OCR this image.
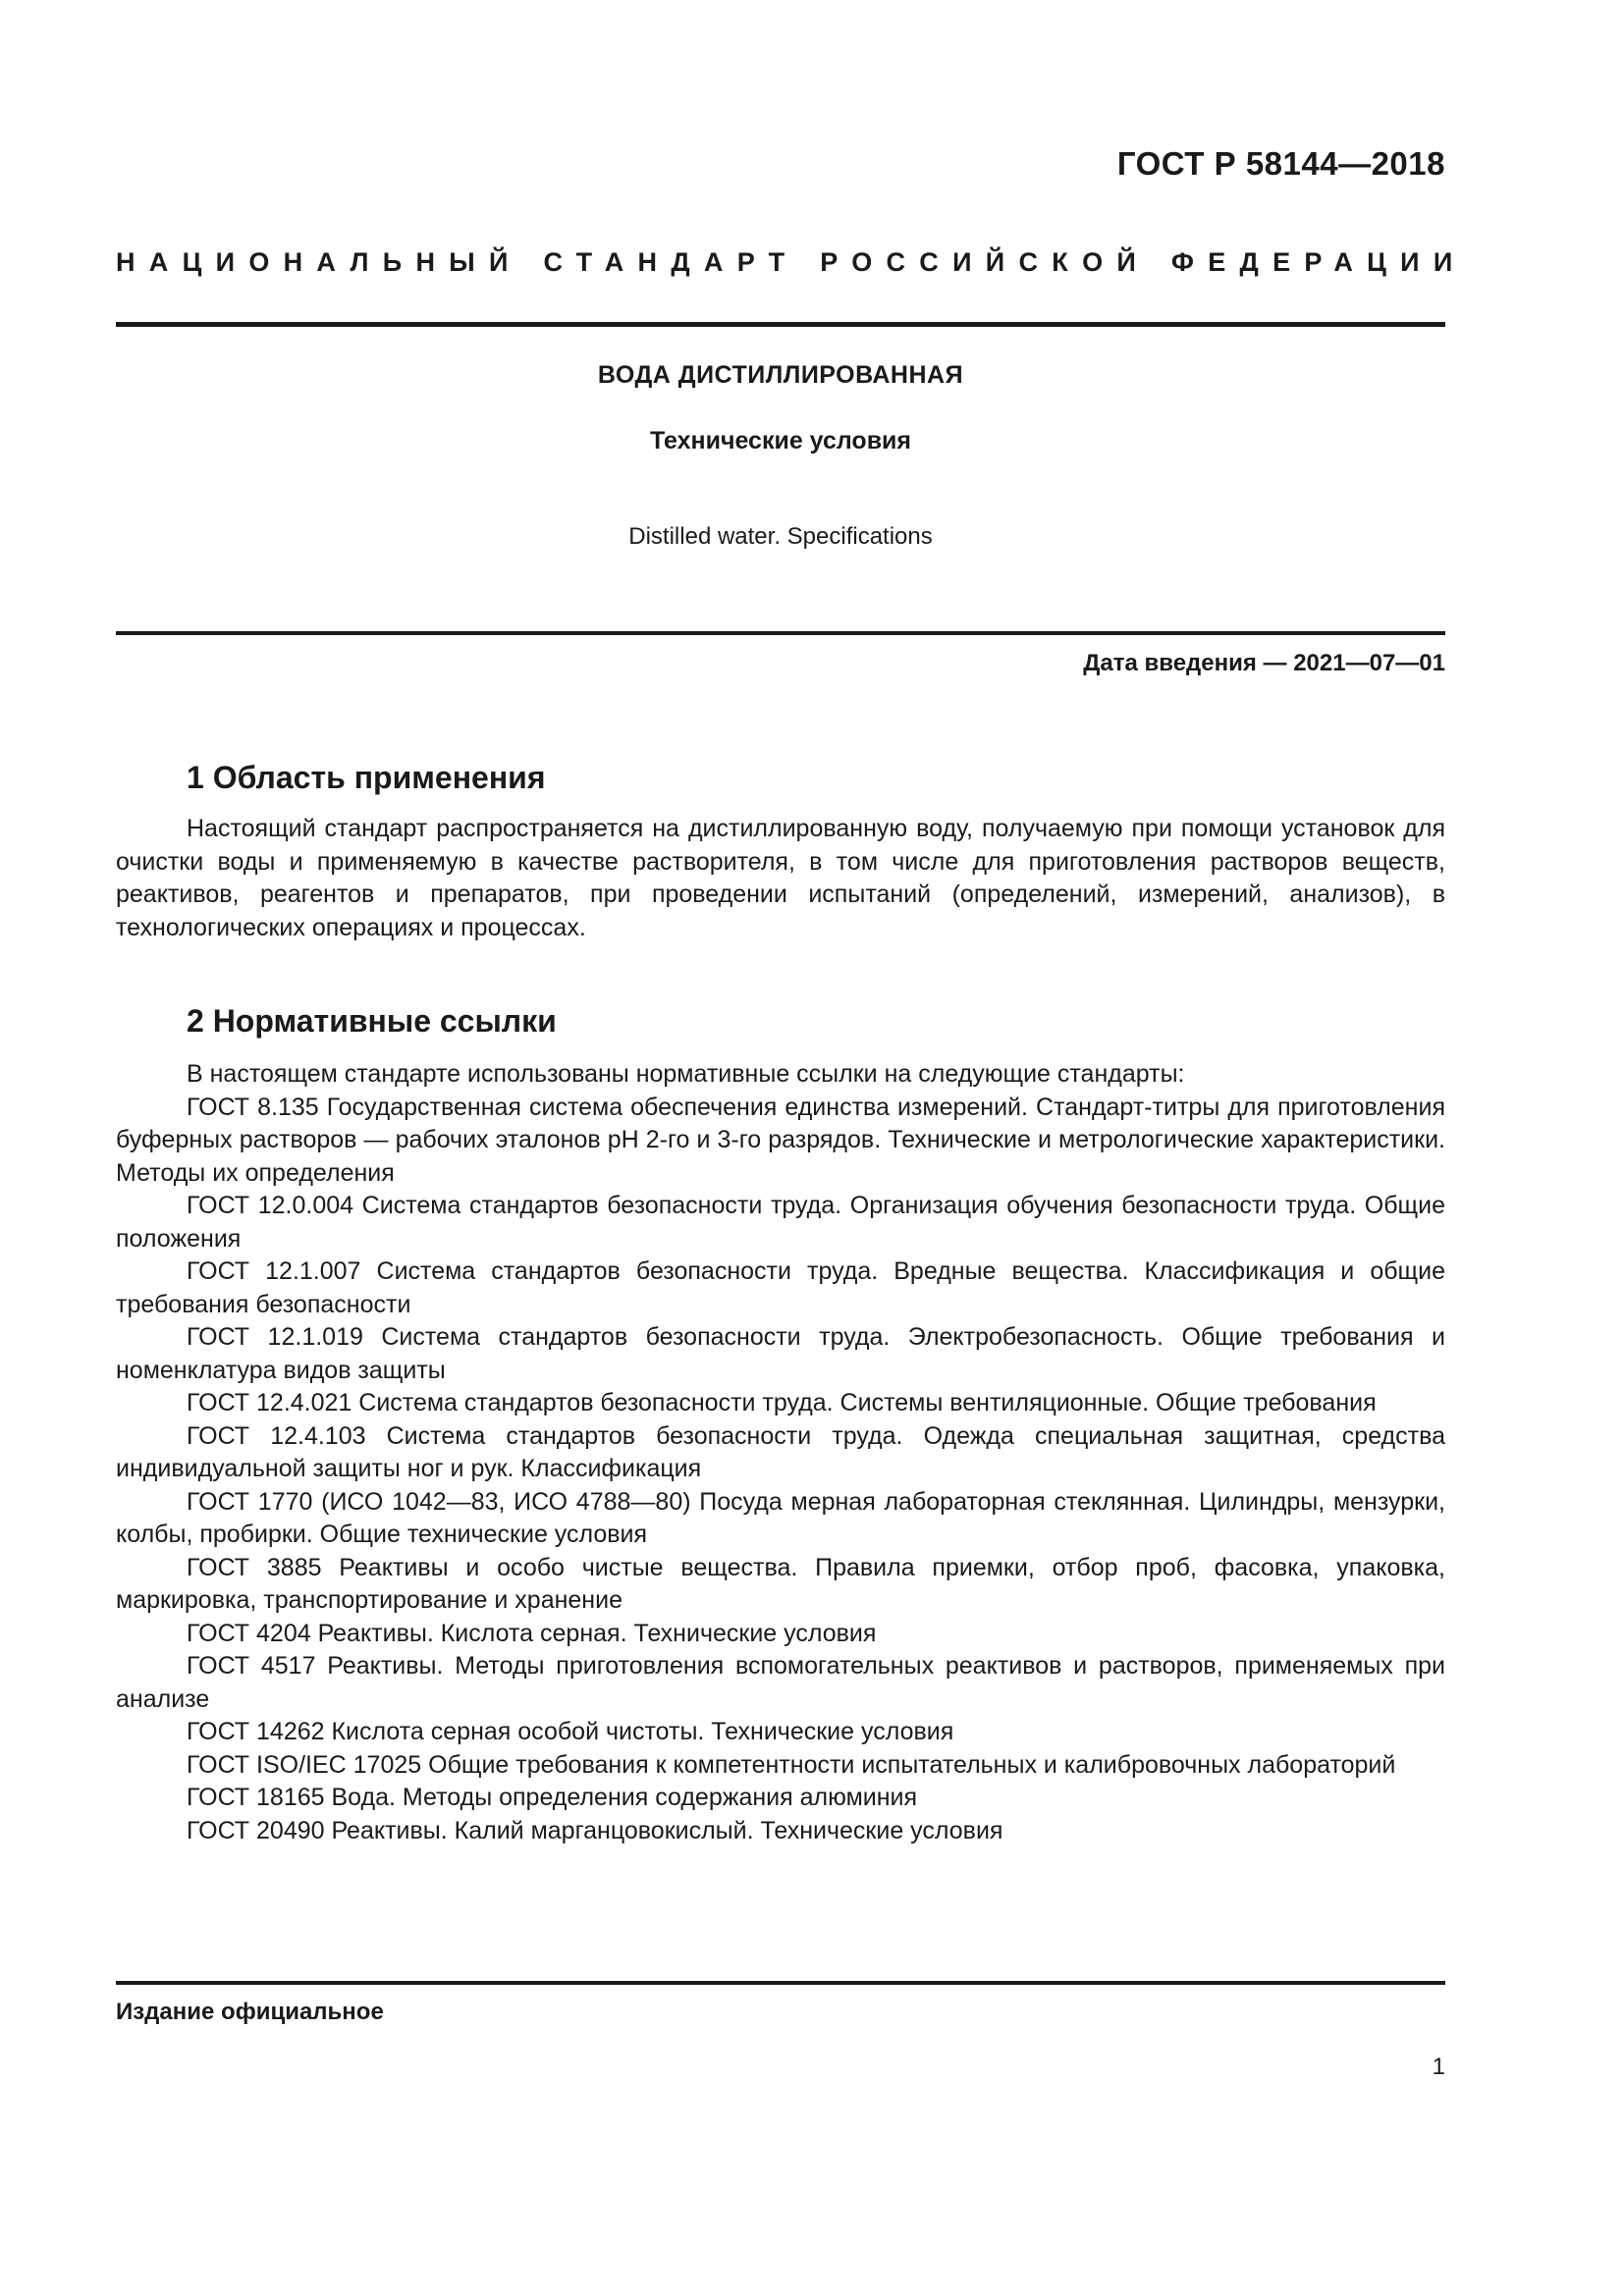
ГОСТ Р 58144—2018
НАЦИОНАЛЬНЫЙ СТАНДАРТ РОССИЙСКОЙ ФЕДЕРАЦИИ
ВОДА ДИСТИЛЛИРОВАННАЯ
Технические условия
Distilled water. Specifications
Дата введения — 2021—07—01
1 Область применения

Настоящий стандарт распространяется на дистиллированную воду, получаемую при помощи установок для очистки воды и применяемую в качестве растворителя, в том числе для приготовления растворов веществ, реактивов, реагентов и препаратов, при проведении испытаний (определений, измерений, анализов), в технологических операциях и процессах.

2 Нормативные ссылки

В настоящем стандарте использованы нормативные ссылки на следующие стандарты:

ГОСТ 8.135 Государственная система обеспечения единства измерений. Стандарт-титры для приготовления буферных растворов — рабочих эталонов рН 2-го и 3-го разрядов. Технические и метрологические характеристики. Методы их определения

ГОСТ 12.0.004 Система стандартов безопасности труда. Организация обучения безопасности труда. Общие положения

ГОСТ 12.1.007 Система стандартов безопасности труда. Вредные вещества. Классификация и общие требования безопасности

ГОСТ 12.1.019 Система стандартов безопасности труда. Электробезопасность. Общие требования и номенклатура видов защиты

ГОСТ 12.4.021 Система стандартов безопасности труда. Системы вентиляционные. Общие требования

ГОСТ 12.4.103 Система стандартов безопасности труда. Одежда специальная защитная, средства индивидуальной защиты ног и рук. Классификация

ГОСТ 1770 (ИСО 1042—83, ИСО 4788—80) Посуда мерная лабораторная стеклянная. Цилиндры, мензурки, колбы, пробирки. Общие технические условия

ГОСТ 3885 Реактивы и особо чистые вещества. Правила приемки, отбор проб, фасовка, упаковка, маркировка, транспортирование и хранение

ГОСТ 4204 Реактивы. Кислота серная. Технические условия

ГОСТ 4517 Реактивы. Методы приготовления вспомогательных реактивов и растворов, применяемых при анализе

ГОСТ 14262 Кислота серная особой чистоты. Технические условия

ГОСТ ISO/IEC 17025 Общие требования к компетентности испытательных и калибровочных лабораторий

ГОСТ 18165 Вода. Методы определения содержания алюминия

ГОСТ 20490 Реактивы. Калий марганцовокислый. Технические условия

Издание официальное
1
